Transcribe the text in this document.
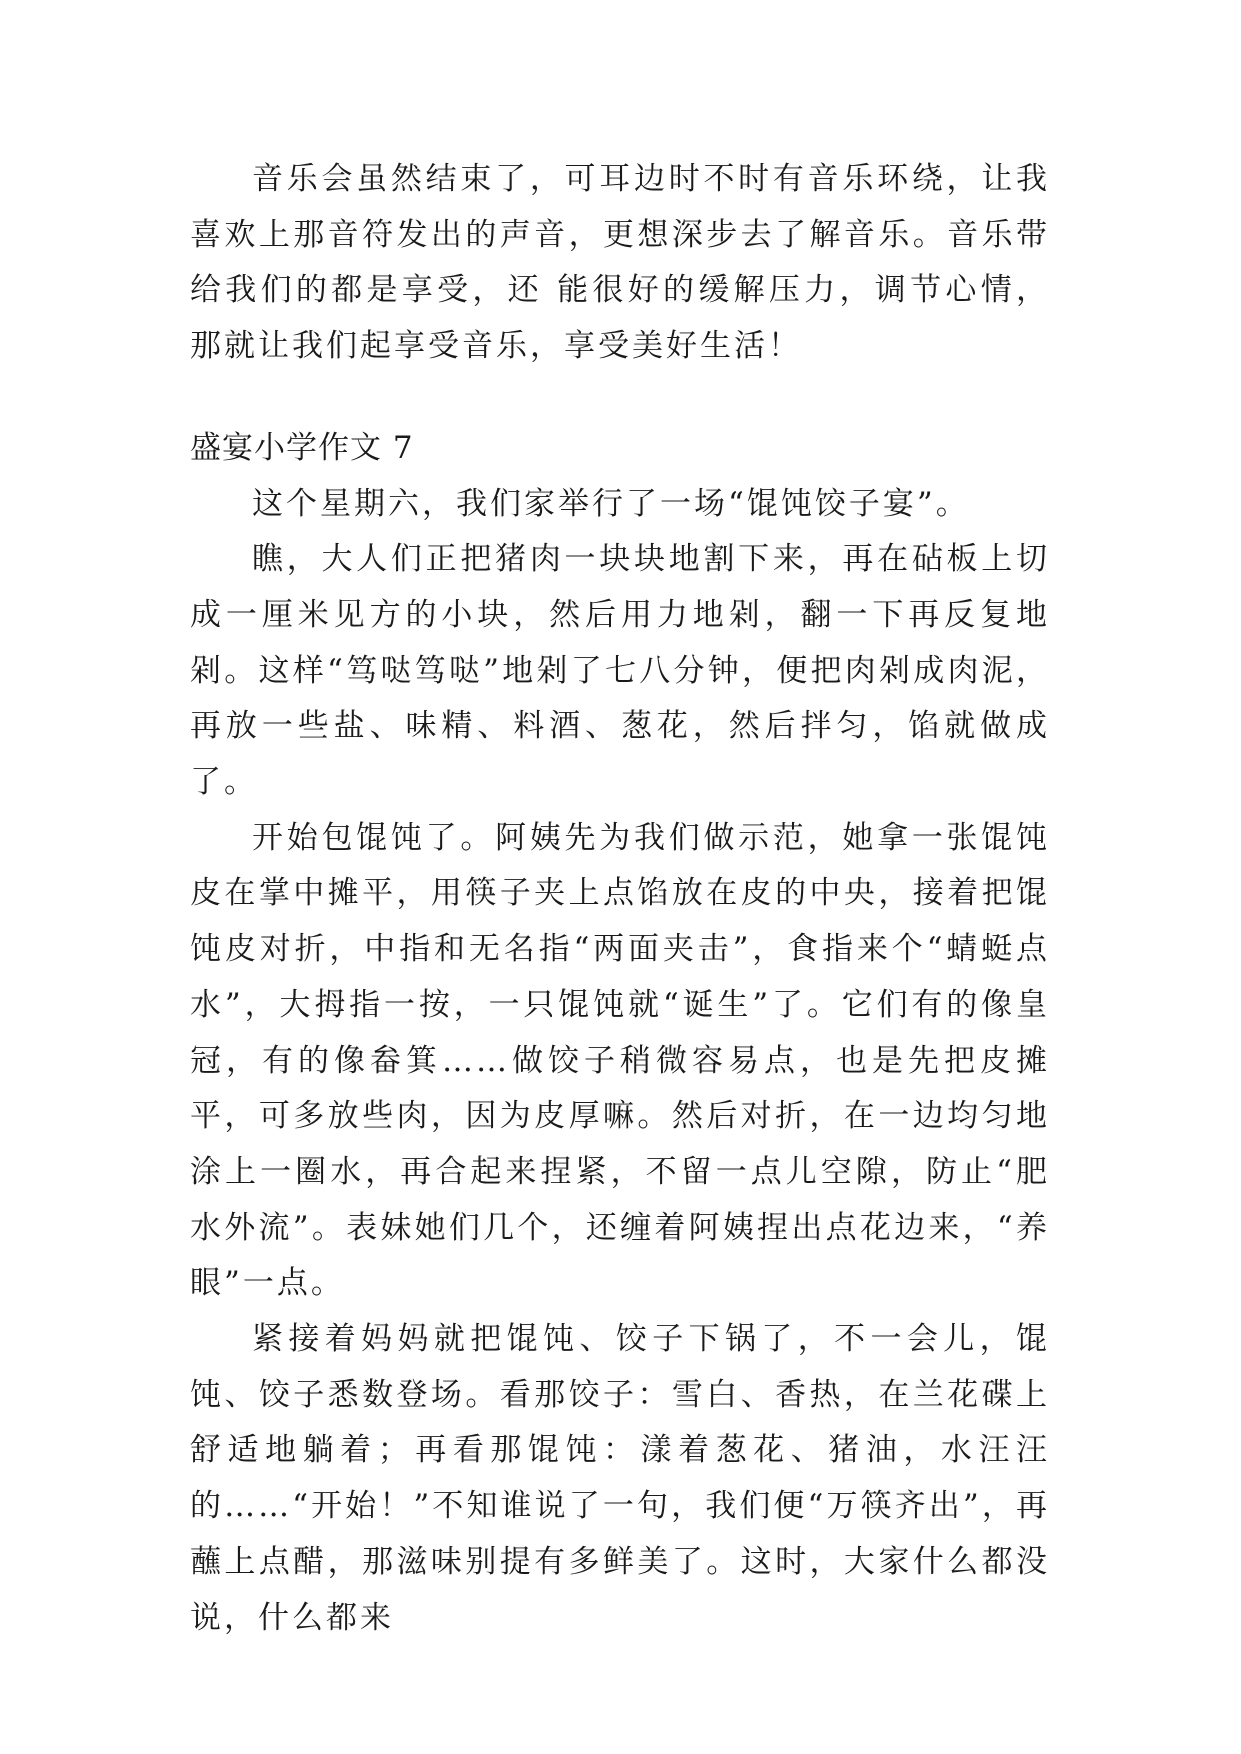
音乐会虽然结束了，可耳边时不时有音乐环绕，让我喜欢上那音符发出的声音，更想深步去了解音乐。音乐带给我们的都是享受，还 能很好的缓解压力，调节心情，那就让我们起享受音乐，享受美好生活！

盛宴小学作文 7

这个星期六，我们家举行了一场“馄饨饺子宴”。

瞧，大人们正把猪肉一块块地割下来，再在砧板上切成一厘米见方的小块，然后用力地剁，翻一下再反复地剁。这样“笃哒笃哒”地剁了七八分钟，便把肉剁成肉泥，再放一些盐、味精、料酒、葱花，然后拌匀，馅就做成了。

开始包馄饨了。阿姨先为我们做示范，她拿一张馄饨皮在掌中摊平，用筷子夹上点馅放在皮的中央，接着把馄饨皮对折，中指和无名指“两面夹击”，食指来个“蜻蜓点水”，大拇指一按，一只馄饨就“诞生”了。它们有的像皇冠，有的像畚箕……做饺子稍微容易点，也是先把皮摊平，可多放些肉，因为皮厚嘛。然后对折，在一边均匀地涂上一圈水，再合起来捏紧，不留一点儿空隙，防止“肥水外流”。表妹她们几个，还缠着阿姨捏出点花边来，“养眼”一点。

紧接着妈妈就把馄饨、饺子下锅了，不一会儿，馄饨、饺子悉数登场。看那饺子：雪白、香热，在兰花碟上舒适地躺着；再看那馄饨：漾着葱花、猪油，水汪汪的……“开始！”不知谁说了一句，我们便“万筷齐出”，再蘸上点醋，那滋味别提有多鲜美了。这时，大家什么都没说，什么都来
